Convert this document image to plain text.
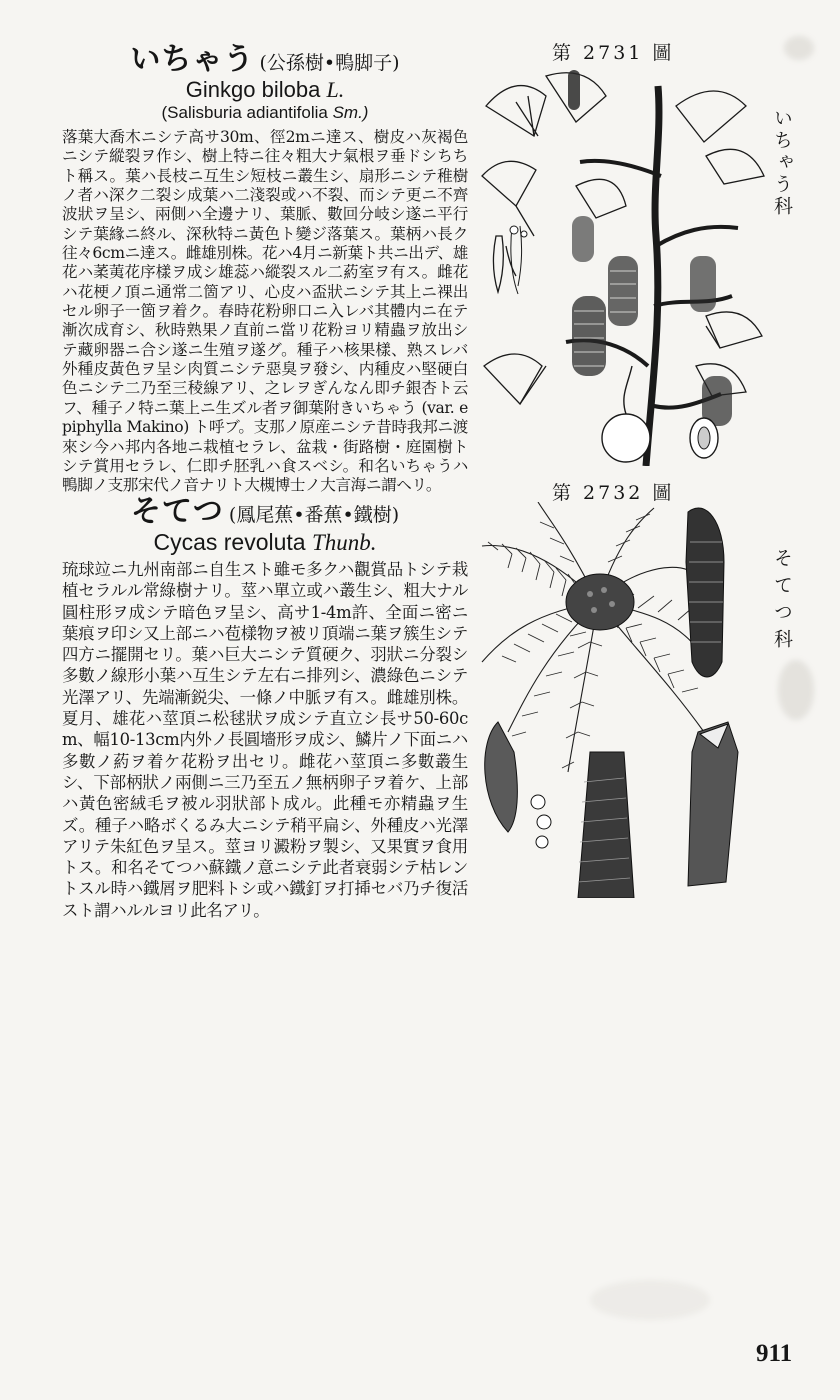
いちゃう (公孫樹•鴨脚子)
Ginkgo biloba L.
(Salisburia adiantifolia Sm.)
落葉大喬木ニシテ高サ30m、徑2mニ達ス、樹皮ハ灰褐色ニシテ縱裂ヲ作シ、樹上特ニ往々粗大ナ氣根ヲ垂ドシちちト稱ス。葉ハ長枝ニ互生シ短枝ニ叢生シ、扇形ニシテ稚樹ノ者ハ深ク二裂シ成葉ハ二淺裂或ハ不裂、而シテ更ニ不齊波狀ヲ呈シ、兩側ハ全邊ナリ、葉脈、數回分岐シ遂ニ平行シテ葉緣ニ終ル、深秋特ニ黃色ト變ジ落葉ス。葉柄ハ長ク往々6cmニ達ス。雌雄別株。花ハ4月ニ新葉ト共ニ出デ、雄花ハ葇荑花序樣ヲ成シ雄蕊ハ縱裂スル二葯室ヲ有ス。雌花ハ花梗ノ頂ニ通常二箇アリ、心皮ハ盃狀ニシテ其上ニ裸出セル卵子一箇ヲ着ク。春時花粉卵口ニ入レバ其體内ニ在テ漸次成育シ、秋時熟果ノ直前ニ當リ花粉ヨリ精蟲ヲ放出シテ藏卵器ニ合シ遂ニ生殖ヲ遂グ。種子ハ核果樣、熟スレバ外種皮黃色ヲ呈シ肉質ニシテ惡臭ヲ發シ、内種皮ハ堅硬白色ニシテ二乃至三稜線アリ、之レヲぎんなん即チ銀杏ト云フ、種子ノ特ニ葉上ニ生ズル者ヲ御葉附きいちゃう (var. epiphylla Makino) ト呼ブ。支那ノ原産ニシテ昔時我邦ニ渡來シ今ハ邦内各地ニ栽植セラレ、盆栽・街路樹・庭園樹トシテ賞用セラレ、仁即チ胚乳ハ食スベシ。和名いちゃうハ鴨脚ノ支那宋代ノ音ナリト大槻博士ノ大言海ニ謂ヘリ。
第 2731 圖
いちゃう科
そてつ (鳳尾蕉•番蕉•鐵樹)
Cycas revoluta Thunb.
琉球竝ニ九州南部ニ自生スト雖モ多クハ觀賞品トシテ栽植セラルル常綠樹ナリ。莖ハ單立或ハ叢生シ、粗大ナル圓柱形ヲ成シテ暗色ヲ呈シ、高サ1-4m許、全面ニ密ニ葉痕ヲ印シ又上部ニハ苞樣物ヲ被リ頂端ニ葉ヲ簇生シテ四方ニ擺開セリ。葉ハ巨大ニシテ質硬ク、羽狀ニ分裂シ多數ノ線形小葉ハ互生シテ左右ニ排列シ、濃綠色ニシテ光澤アリ、先端漸鋭尖、一條ノ中脈ヲ有ス。雌雄別株。夏月、雄花ハ莖頂ニ松毬狀ヲ成シテ直立シ長サ50-60cm、幅10-13cm内外ノ長圓墻形ヲ成シ、鱗片ノ下面ニハ多數ノ葯ヲ着ケ花粉ヲ出セリ。雌花ハ莖頂ニ多數叢生シ、下部柄狀ノ兩側ニ三乃至五ノ無柄卵子ヲ着ケ、上部ハ黃色密絨毛ヲ被ル羽狀部ト成ル。此種モ亦精蟲ヲ生ズ。種子ハ略ボくるみ大ニシテ稍平扁シ、外種皮ハ光澤アリテ朱紅色ヲ呈ス。莖ヨリ澱粉ヲ製シ、又果實ヲ食用トス。和名そてつハ蘇鐵ノ意ニシテ此者衰弱シテ枯レントスル時ハ鐵屑ヲ肥料トシ或ハ鐵釘ヲ打揷セバ乃チ復活スト謂ハルルヨリ此名アリ。
第 2732 圖
そてつ科
911
